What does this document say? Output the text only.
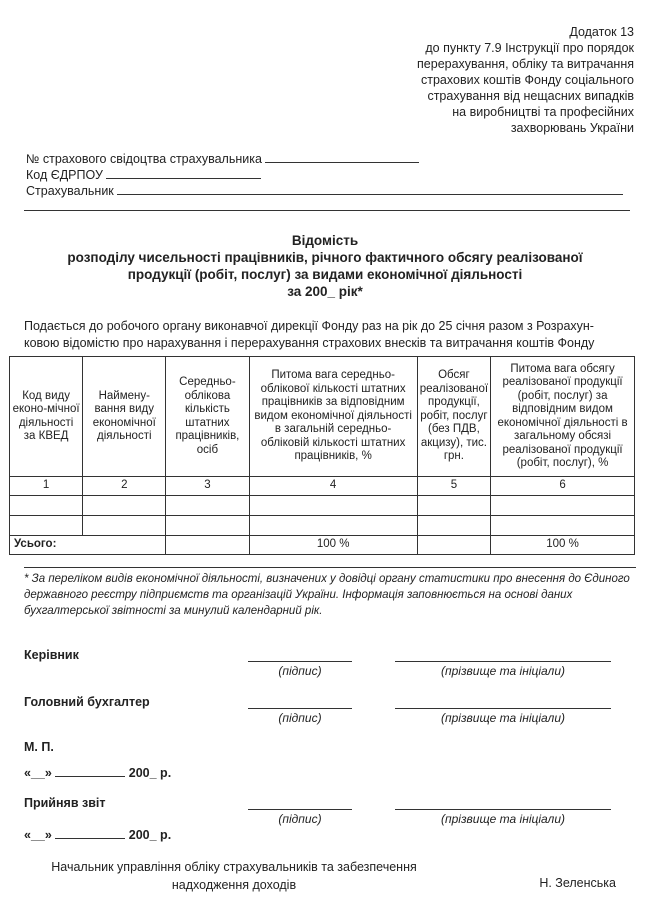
Додаток 13
до пункту 7.9 Інструкції про порядок
перерахування, обліку та витрачання
страхових коштів Фонду соціального
страхування від нещасних випадків
на виробництві та професійних
захворювань України
№ страхового свідоцтва страхувальника
Код ЄДРПОУ
Страхувальник
Відомість
розподілу чисельності працівників, річного фактичного обсягу реалізованої
продукції (робіт, послуг) за видами економічної діяльності
за 200_ рік*
Подається до робочого органу виконавчої дирекції Фонду раз на рік до 25 січня разом з Розрахун-
ковою відомістю про нарахування і перерахування страхових внесків та витрачання коштів Фонду
Код виду еконо-мічної діяльності за КВЕД	Наймену-вання виду економічної діяльності	Середньо-облікова кількість штатних працівників, осіб	Питома вага середньо-облікової кількості штатних працівників за відповідним видом економічної діяльності в загальній середньо-обліковій кількості штатних працівників, %	Обсяг реалізованої продукції, робіт, послуг (без ПДВ, акцизу), тис. грн.	Питома вага обсягу реалізованої продукції (робіт, послуг) за відповідним видом економічної діяльності в загальному обсязі реалізованої продукції (робіт, послуг), %
1	2	3	4	5	6

Усього:			100 %		100 %
* За переліком видів економічної діяльності, визначених у довідці органу статистики про внесення до Єдиного державного реєстру підприємств та організацій України. Інформація заповнюється на основі даних бухгалтерської звітності за минулий календарний рік.
Керівник
(підпис)	(прізвище та ініціали)
Головний бухгалтер
(підпис)	(прізвище та ініціали)
М. П.
«__»	200_ р.
Прийняв звіт
(підпис)	(прізвище та ініціали)
«__»	200_ р.
Начальник управління обліку страхувальників та забезпечення
надходження доходів	Н. Зеленська
